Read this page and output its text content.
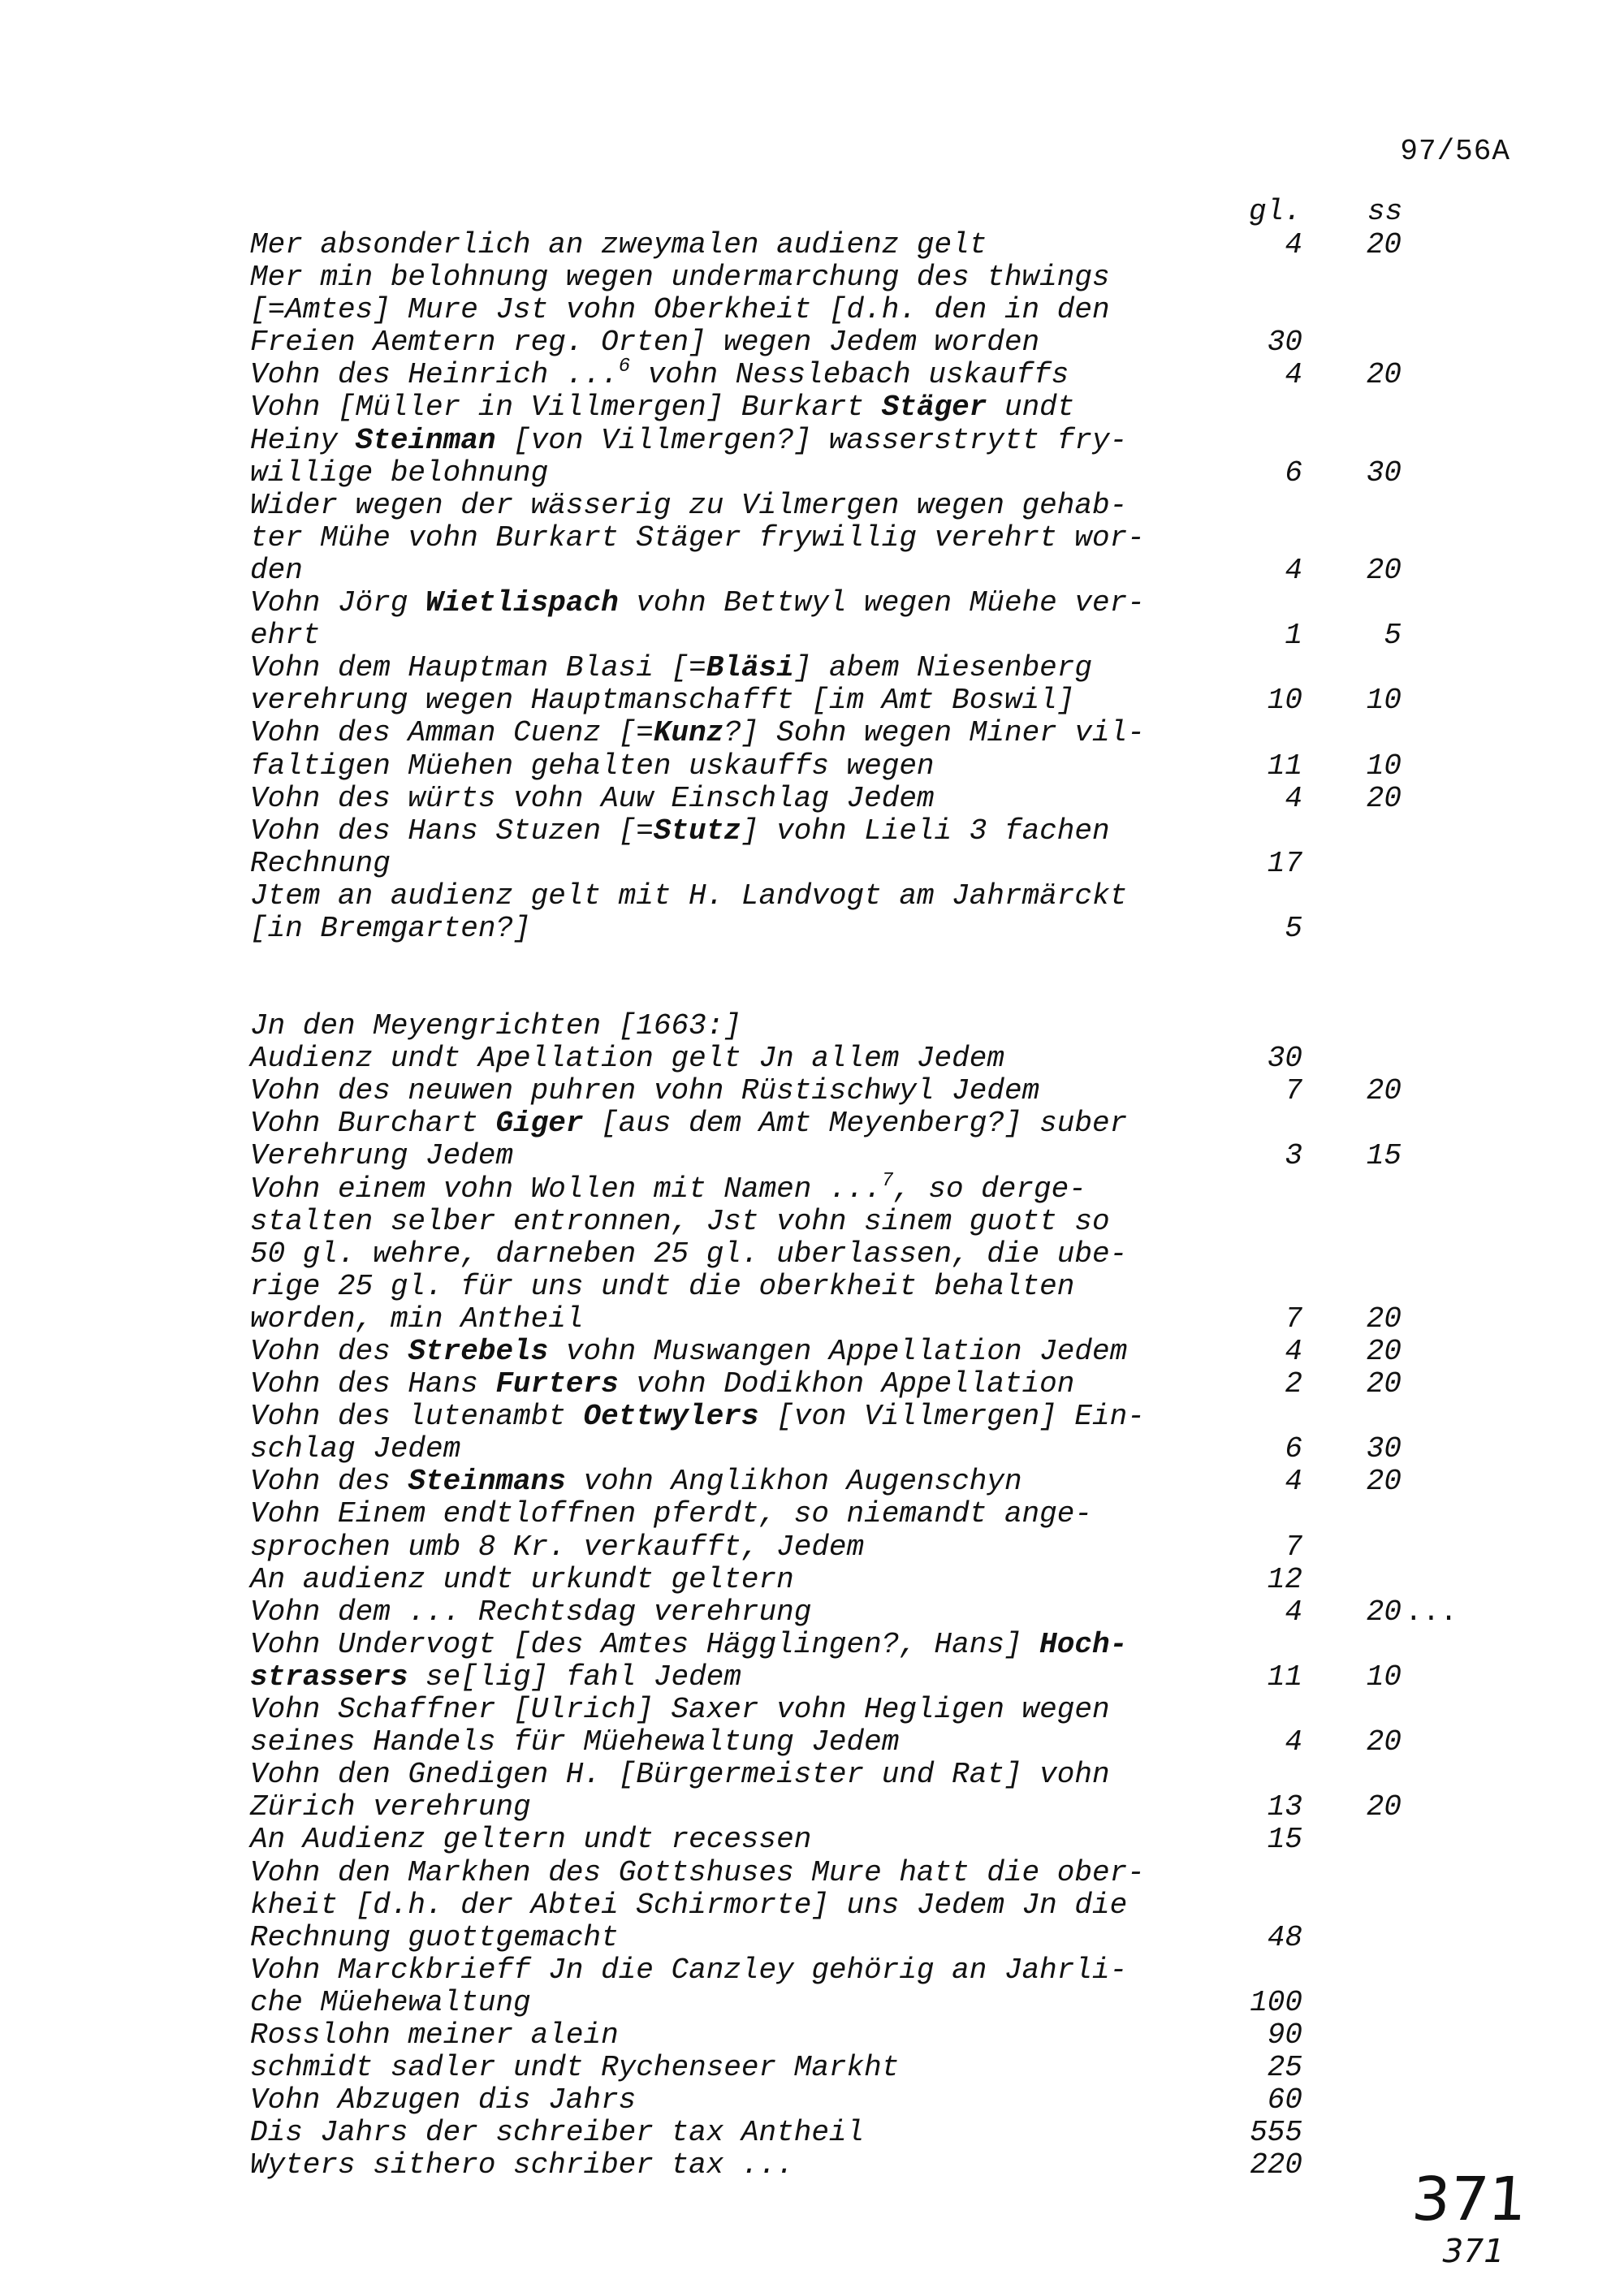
97/56A
gl. ss
Mer absonderlich an zweymalen audienz gelt	4	20
Mer min belohnung wegen undermarchung des thwings
[=Amtes] Mure Jst vohn Oberkheit [d.h. den in den
Freien Aemtern reg. Orten] wegen Jedem worden	30
Vohn des Heinrich ...$^6$ vohn Nesslebach uskauffs	4	20
Vohn [Müller in Villmergen] Burkart Stäger undt
Heiny Steinman [von Villmergen?] wasserstrytt fry-
willige belohnung	6	30
Wider wegen der wässerig zu Vilmergen wegen gehab-
ter Mühe vohn Burkart Stäger frywillig verehrt wor-
den	4	20
Vohn Jörg Wietlispach vohn Bettwyl wegen Müehe ver-
ehrt	1	5
Vohn dem Hauptman Blasi [=Bläsi] abem Niesenberg
verehrung wegen Hauptmanschafft [im Amt Boswil]	10	10
Vohn des Amman Cuenz [=Kunz?] Sohn wegen Miner vil-
faltigen Müehen gehalten uskauffs wegen	11	10
Vohn des würts vohn Auw Einschlag Jedem	4	20
Vohn des Hans Stuzen [=Stutz] vohn Lieli 3 fachen
Rechnung	17
Jtem an audienz gelt mit H. Landvogt am Jahrmärckt
[in Bremgarten?]	5
Jn den Meyengrichten [1663:]
Audienz undt Apellation gelt Jn allem Jedem	30
Vohn des neuwen puhren vohn Rüstischwyl Jedem	7	20
Vohn Burchart Giger [aus dem Amt Meyenberg?] suber
Verehrung Jedem	3	15
Vohn einem vohn Wollen mit Namen ...$^7$, so derge-
stalten selber entronnen, Jst vohn sinem guott so
50 gl. wehre, darneben 25 gl. uberlassen, die ube-
rige 25 gl. für uns undt die oberkheit behalten
worden, min Antheil	7	20
Vohn des Strebels vohn Muswangen Appellation Jedem	4	20
Vohn des Hans Furters vohn Dodikhon Appellation	2	20
Vohn des lutenambt Oettwylers [von Villmergen] Ein-
schlag Jedem	6	30
Vohn des Steinmans vohn Anglikhon Augenschyn	4	20
Vohn Einem endtloffnen pferdt, so niemandt ange-
sprochen umb 8 Kr. verkaufft, Jedem	7
An audienz undt urkundt geltern	12
Vohn dem ... Rechtsdag verehrung	4	20 ...
Vohn Undervogt [des Amtes Hägglingen?, Hans] Hoch-
strassers se[lig] fahl Jedem	11	10
Vohn Schaffner [Ulrich] Saxer vohn Hegligen wegen
seines Handels für Müehewaltung Jedem	4	20
Vohn den Gnedigen H. [Bürgermeister und Rat] vohn
Zürich verehrung	13	20
An Audienz geltern undt recessen	15
Vohn den Markhen des Gottshuses Mure hatt die ober-
kheit [d.h. der Abtei Schirmorte] uns Jedem Jn die
Rechnung guottgemacht	48
Vohn Marckbrieff Jn die Canzley gehörig an Jahrli-
che Müehewaltung	100
Rosslohn meiner alein	90
schmidt sadler undt Rychenseer Markht	25
Vohn Abzugen dis Jahrs	60
Dis Jahrs der schreiber tax Antheil	555
Wyters sithero schriber tax ...	220 371
371
